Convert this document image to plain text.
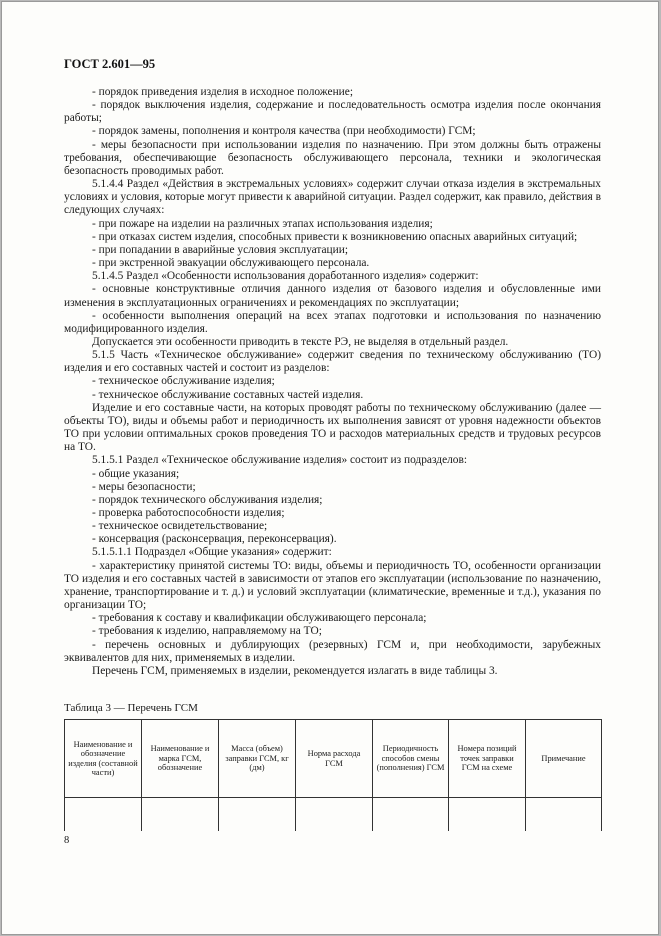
ГОСТ 2.601—95

- порядок приведения изделия в исходное положение;

- порядок выключения изделия, содержание и последовательность осмотра изделия после окончания работы;

- порядок замены, пополнения и контроля качества (при необходимости) ГСМ;

- меры безопасности при использовании изделия по назначению. При этом должны быть отражены требования, обеспечивающие безопасность обслуживающего персонала, техники и экологическая безопасность проводимых работ.

5.1.4.4 Раздел «Действия в экстремальных условиях» содержит случаи отказа изделия в экстремальных условиях и условия, которые могут привести к аварийной ситуации. Раздел содержит, как правило, действия в следующих случаях:

- при пожаре на изделии на различных этапах использования изделия;

- при отказах систем изделия, способных привести к возникновению опасных аварийных ситуаций;

- при попадании в аварийные условия эксплуатации;

- при экстренной эвакуации обслуживающего персонала.

5.1.4.5 Раздел «Особенности использования доработанного изделия» содержит:

- основные конструктивные отличия данного изделия от базового изделия и обусловленные ими изменения в эксплуатационных ограничениях и рекомендациях по эксплуатации;

- особенности выполнения операций на всех этапах подготовки и использования по назначению модифицированного изделия.

Допускается эти особенности приводить в тексте РЭ, не выделяя в отдельный раздел.

5.1.5 Часть «Техническое обслуживание» содержит сведения по техническому обслуживанию (ТО) изделия и его составных частей и состоит из разделов:

- техническое обслуживание изделия;

- техническое обслуживание составных частей изделия.

Изделие и его составные части, на которых проводят работы по техническому обслуживанию (далее — объекты ТО), виды и объемы работ и периодичность их выполнения зависят от уровня надежности объектов ТО при условии оптимальных сроков проведения ТО и расходов материальных средств и трудовых ресурсов на ТО.

5.1.5.1 Раздел «Техническое обслуживание изделия» состоит из подразделов:

- общие указания;

- меры безопасности;

- порядок технического обслуживания изделия;

- проверка работоспособности изделия;

- техническое освидетельствование;

- консервация (расконсервация, переконсервация).

5.1.5.1.1 Подраздел «Общие указания» содержит:

- характеристику принятой системы ТО: виды, объемы и периодичность ТО, особенности организации ТО изделия и его составных частей в зависимости от этапов его эксплуатации (использование по назначению, хранение, транспортирование и т. д.) и условий эксплуатации (климатические, временные и т.д.), указания по организации ТО;

- требования к составу и квалификации обслуживающего персонала;

- требования к изделию, направляемому на ТО;

- перечень основных и дублирующих (резервных) ГСМ и, при необходимости, зарубежных эквивалентов для них, применяемых в изделии.

Перечень ГСМ, применяемых в изделии, рекомендуется излагать в виде таблицы 3.

Таблица 3 — Перечень ГСМ
Наименование и обозначение изделия (составной части)	Наименование и марка ГСМ, обозначение	Масса (объем) заправки ГСМ, кг (дм)	Норма расхода ГСМ	Периодичность способов смены (пополнения) ГСМ	Номера позиций точек заправки ГСМ на схеме	Примечание

8
